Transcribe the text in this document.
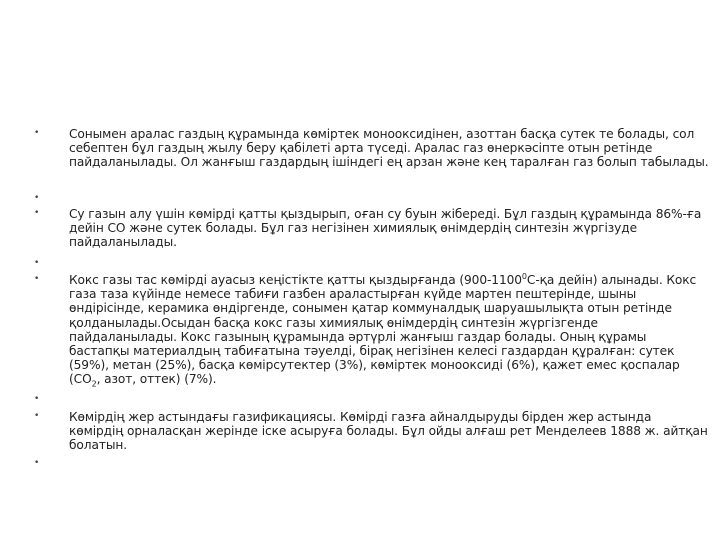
• Сонымен аралас газдың құрамында көміртек монооксидінен, азоттан басқа сутек те болады, сол себептен бұл газдың жылу беру қабілеті арта түседі. Аралас газ өнеркәсіпте отын ретінде пайдаланылады. Ол жанғыш газдардың ішіндегі ең арзан және кең таралған газ болып табылады.
•
• Су газын алу үшін көмірді қатты қыздырып, оған су буын жібереді. Бұл газдың құрамында 86%-ға дейін СО және сутек болады. Бұл газ негізінен химиялық өнімдердің синтезін жүргізуде пайдаланылады.
•
• Кокс газы тас көмірді ауасыз кеңістікте қатты қыздырғанда (900-1100$^0$С-қа дейін) алынады. Кокс газа таза күйінде немесе табиғи газбен араластырған күйде мартен пештерінде, шыны өндірісінде, керамика өндіргенде, сонымен қатар коммуналдық шаруашылықта отын ретінде қолданылады.Осыдан басқа кокс газы химиялық өнімдердің синтезін жүргізгенде пайдаланылады. Кокс газының құрамында әртүрлі жанғыш газдар болады. Оның құрамы бастапқы материалдың табиғатына тәуелді, бірақ негізінен келесі газдардан құралған: сутек (59%), метан (25%), басқа көмірсутектер (3%), көміртек монооксиді (6%), қажет емес қоспалар ($СО_2$, азот, оттек) (7%).
•
• Көмірдің жер астындағы газификациясы. Көмірді газға айналдыруды бірден жер астында көмірдің орналасқан жерінде іске асыруға болады. Бұл ойды алғаш рет Менделеев 1888 ж. айтқан болатын.
•
